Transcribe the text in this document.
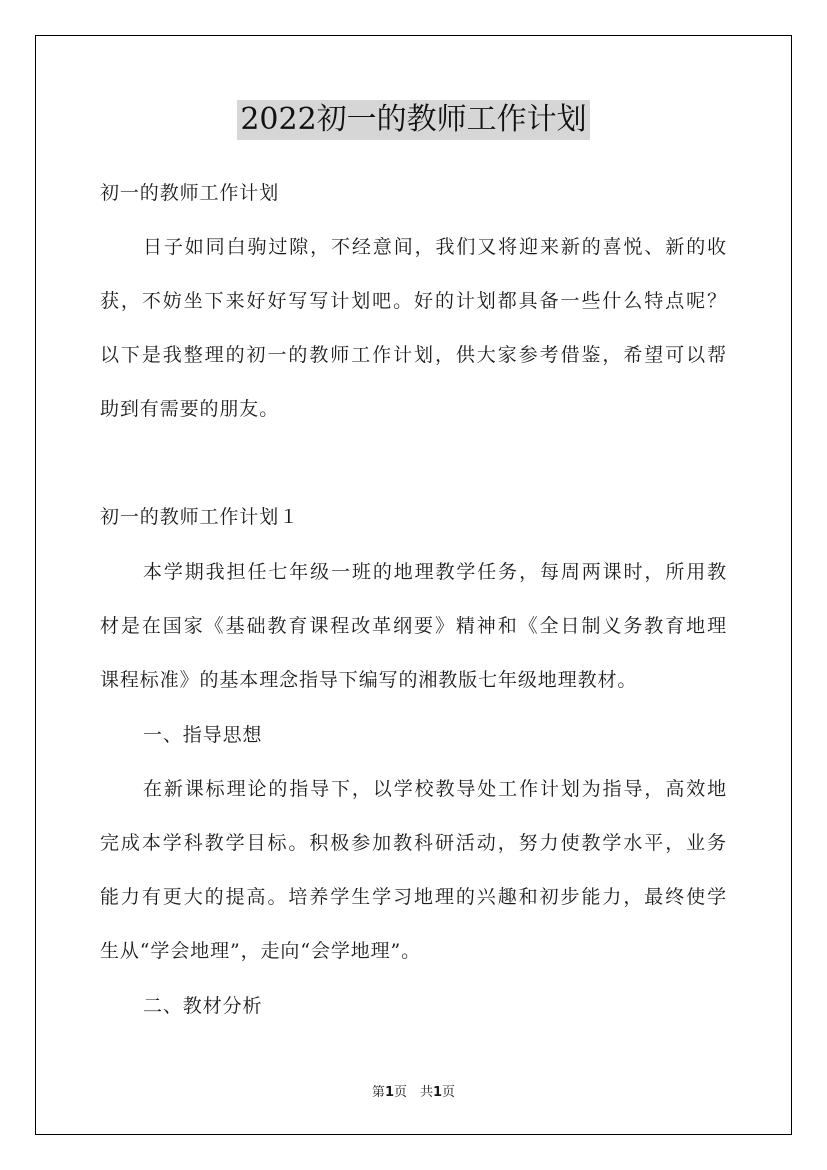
2022初一的教师工作计划
初一的教师工作计划
日子如同白驹过隙，不经意间，我们又将迎来新的喜悦、新的收
获，不妨坐下来好好写写计划吧。好的计划都具备一些什么特点呢？
以下是我整理的初一的教师工作计划，供大家参考借鉴，希望可以帮
助到有需要的朋友。
初一的教师工作计划１
本学期我担任七年级一班的地理教学任务，每周两课时，所用教
材是在国家《基础教育课程改革纲要》精神和《全日制义务教育地理
课程标准》的基本理念指导下编写的湘教版七年级地理教材。
一、指导思想
在新课标理论的指导下，以学校教导处工作计划为指导，高效地
完成本学科教学目标。积极参加教科研活动，努力使教学水平，业务
能力有更大的提高。培养学生学习地理的兴趣和初步能力，最终使学
生从“学会地理”，走向“会学地理”。
二、教材分析
第1页　共1页
